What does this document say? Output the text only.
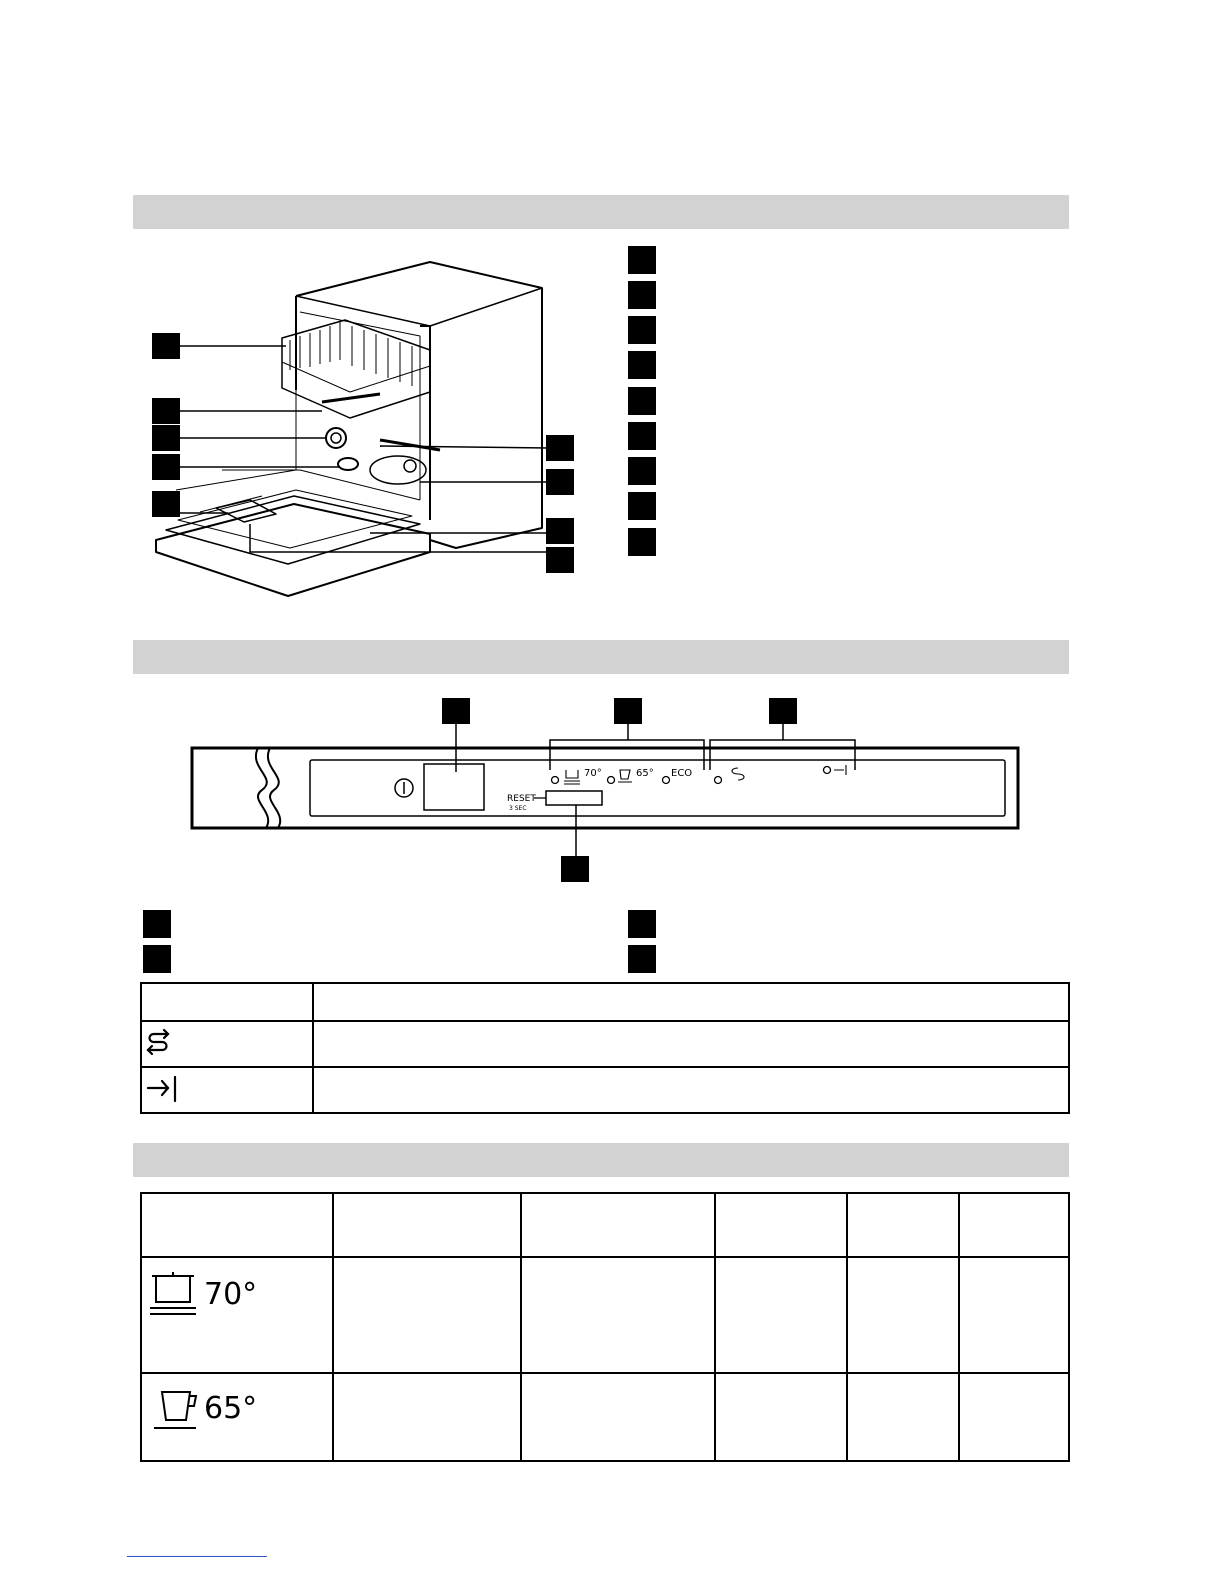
70°	65° ECO
RESET
3 SEC

70°					

65°					
